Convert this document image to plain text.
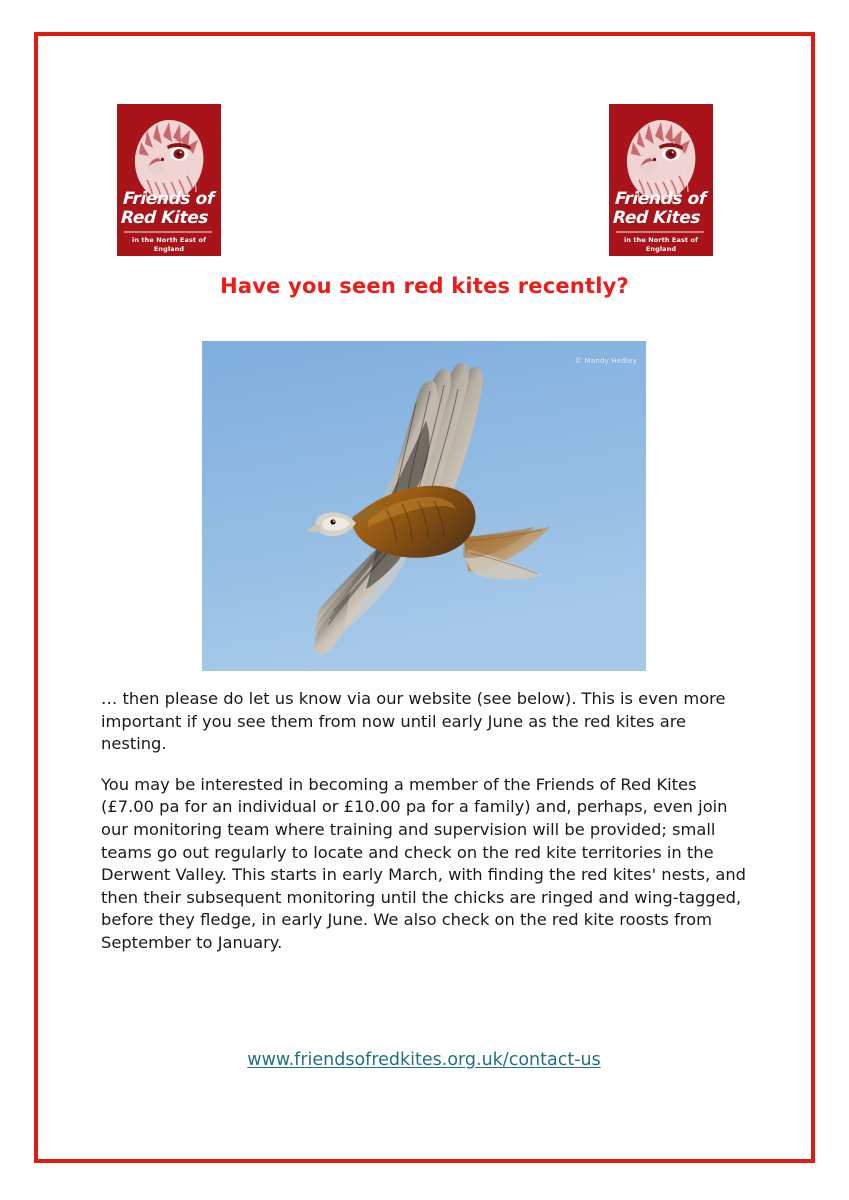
Friends of
Red Kites
in the North East of England
Friends of
Red Kites
in the North East of England
Have you seen red kites recently?
© Mandy Hedley

… then please do let us know via our website (see below). This is even more important if you see them from now until early June as the red kites are nesting.

You may be interested in becoming a member of the Friends of Red Kites (£7.00 pa for an individual or £10.00 pa for a family) and, perhaps, even join our monitoring team where training and supervision will be provided; small teams go out regularly to locate and check on the red kite territories in the Derwent Valley. This starts in early March, with finding the red kites' nests, and then their subsequent monitoring until the chicks are ringed and wing-tagged, before they fledge, in early June. We also check on the red kite roosts from September to January.

www.friendsofredkites.org.uk/contact-us
